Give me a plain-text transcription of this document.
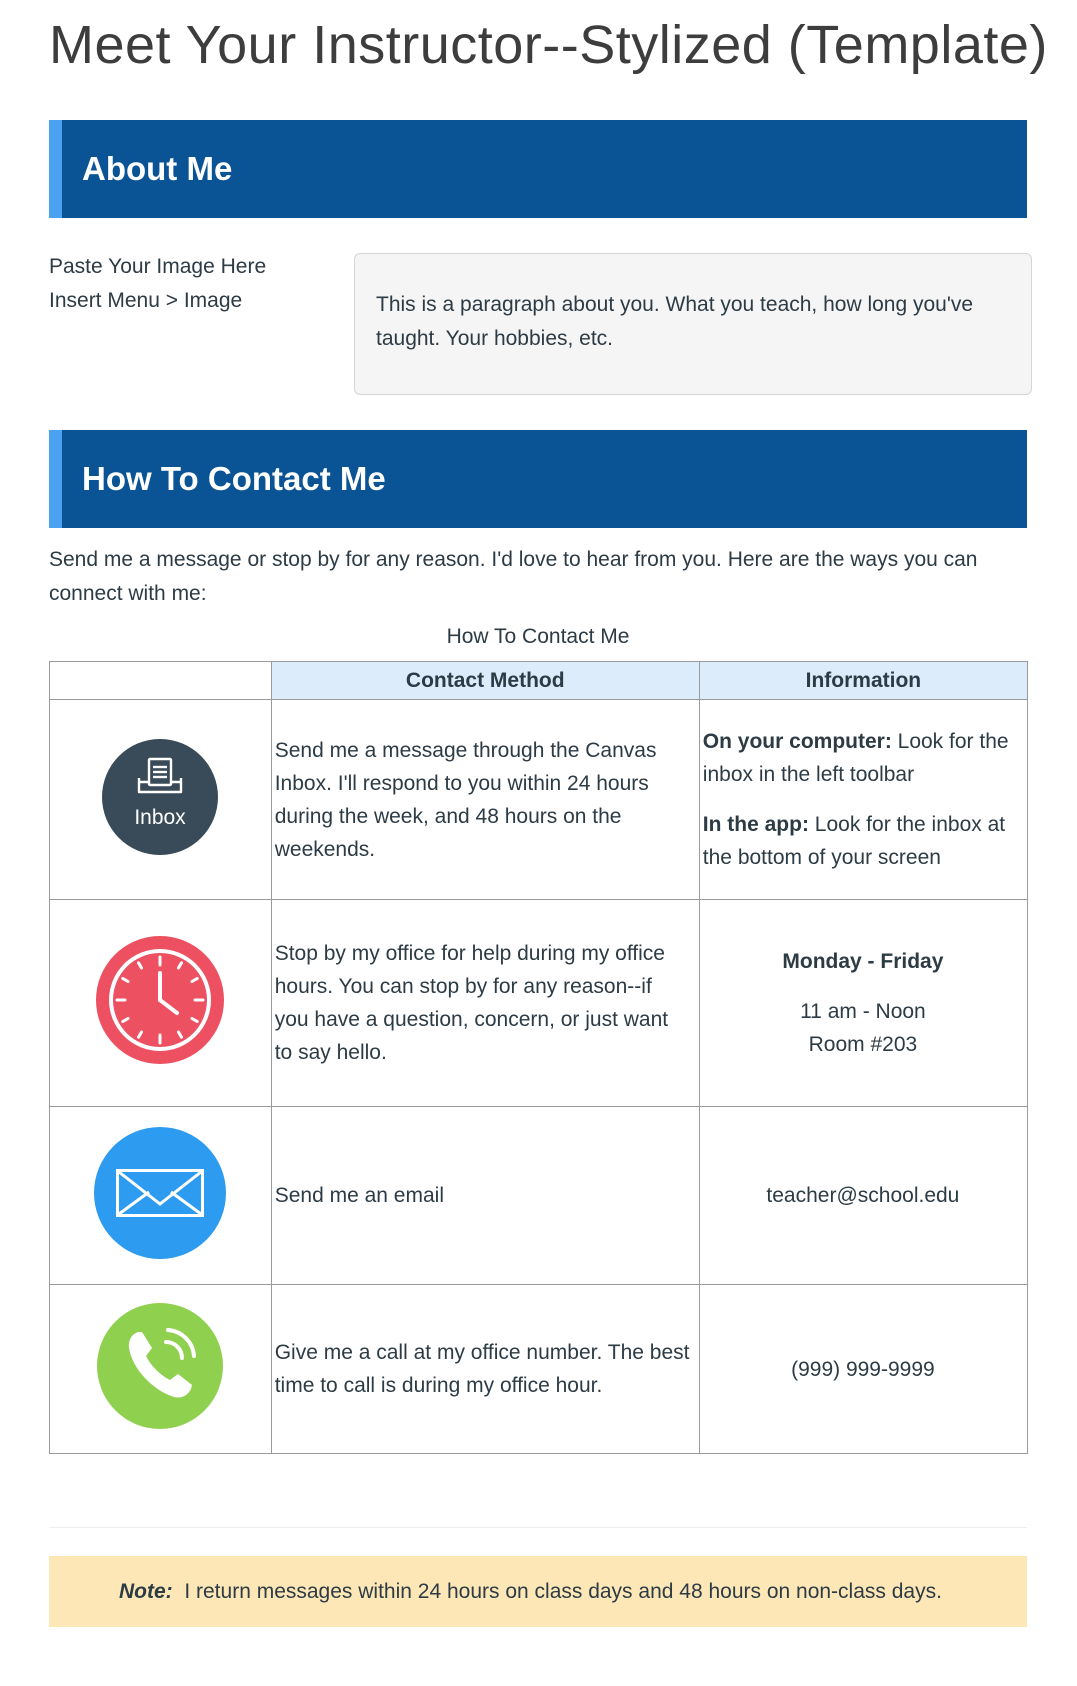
Meet Your Instructor--Stylized (Template)
About Me
Paste Your Image Here
Insert Menu > Image	This is a paragraph about you. What you teach, how long you've taught. Your hobbies, etc.
How To Contact Me

Send me a message or stop by for any reason. I'd love to hear from you. Here are the ways you can connect with me:

How To Contact Me
	Contact Method	Information

Inbox	Send me a message through the Canvas Inbox. I'll respond to you within 24 hours during the week, and 48 hours on the weekends.	On your computer: Look for the inbox in the left toolbar

In the app: Look for the inbox at the bottom of your screen

	Stop by my office for help during my office hours. You can stop by for any reason--if you have a question, concern, or just want to say hello.	Monday - Friday

11 am - Noon

Room #203

	Send me an email	teacher@school.edu
	Give me a call at my office number. The best time to call is during my office hour.	(999) 999-9999
Note:  I return messages within 24 hours on class days and 48 hours on non-class days.
